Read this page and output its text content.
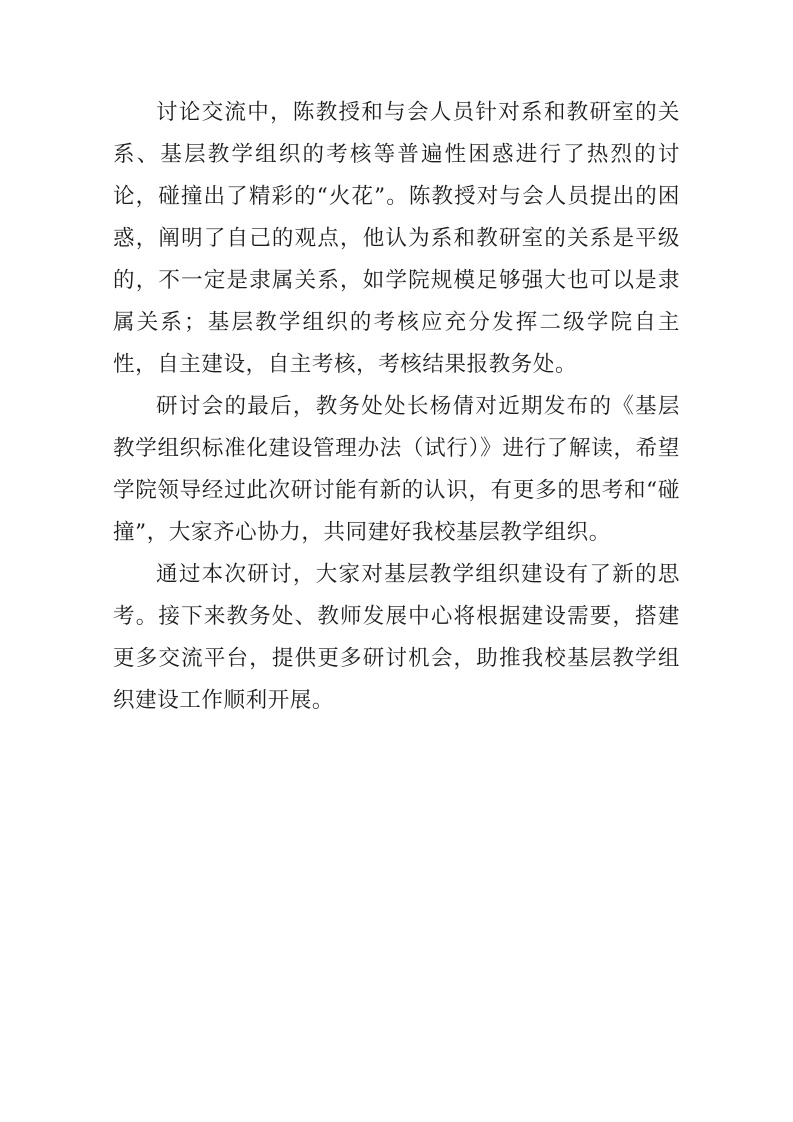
讨论交流中，陈教授和与会人员针对系和教研室的关系、基层教学组织的考核等普遍性困惑进行了热烈的讨论，碰撞出了精彩的“火花”。陈教授对与会人员提出的困惑，阐明了自己的观点，他认为系和教研室的关系是平级的，不一定是隶属关系，如学院规模足够强大也可以是隶属关系；基层教学组织的考核应充分发挥二级学院自主性，自主建设，自主考核，考核结果报教务处。

研讨会的最后，教务处处长杨倩对近期发布的《基层教学组织标准化建设管理办法（试行）》进行了解读，希望学院领导经过此次研讨能有新的认识，有更多的思考和“碰撞”，大家齐心协力，共同建好我校基层教学组织。

通过本次研讨，大家对基层教学组织建设有了新的思考。接下来教务处、教师发展中心将根据建设需要，搭建更多交流平台，提供更多研讨机会，助推我校基层教学组织建设工作顺利开展。
